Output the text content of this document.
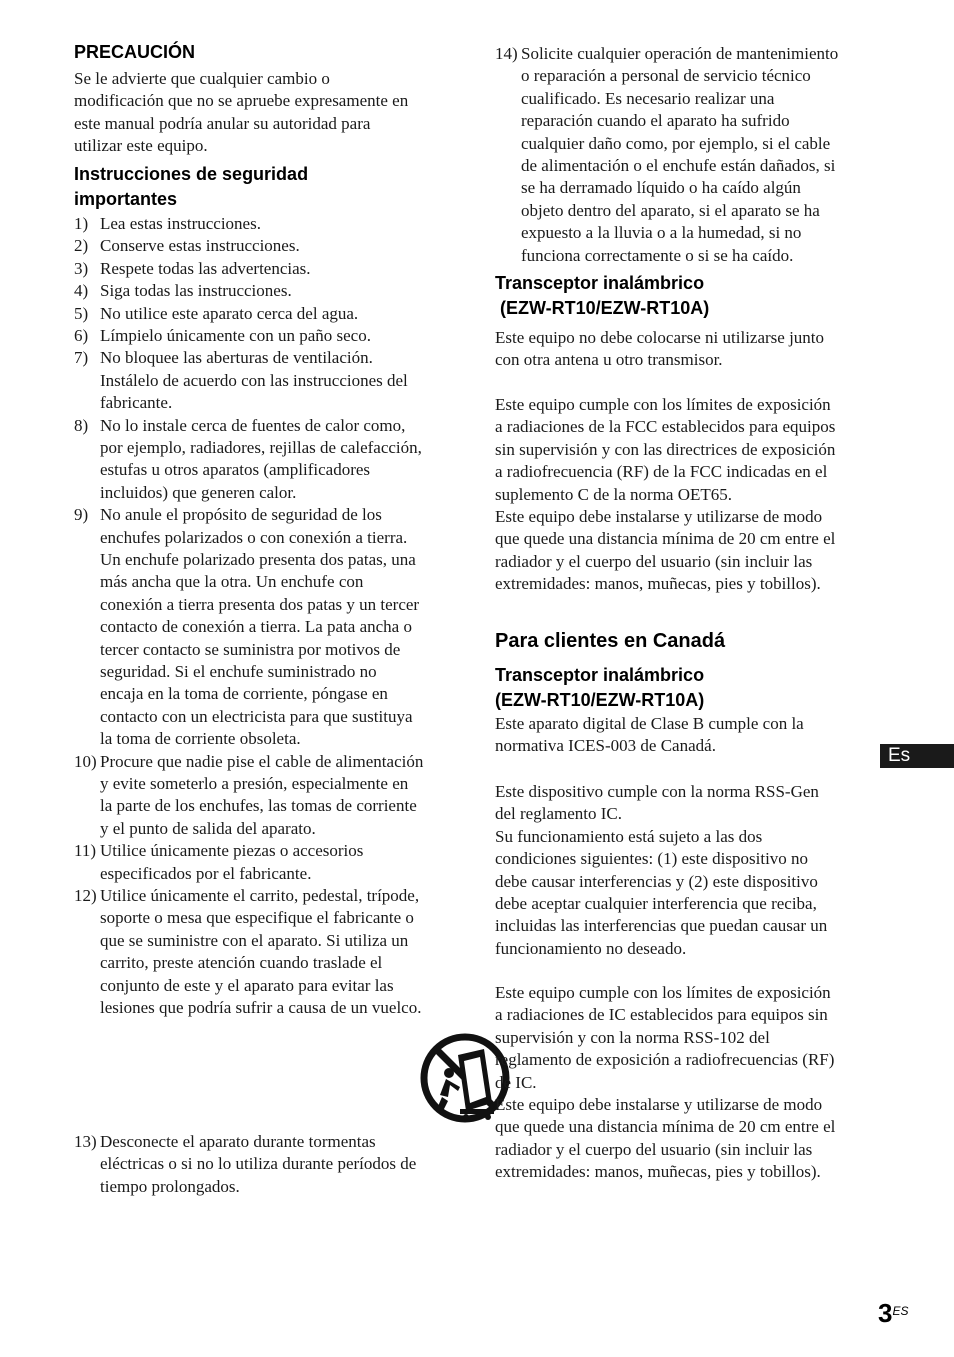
PRECAUCIÓN
Se le advierte que cualquier cambio o
modificación que no se apruebe expresamente en
este manual podría anular su autoridad para
utilizar este equipo.
Instrucciones de seguridad
importantes
1) Lea estas instrucciones.
2) Conserve estas instrucciones.
3) Respete todas las advertencias.
4) Siga todas las instrucciones.
5) No utilice este aparato cerca del agua.
6) Límpielo únicamente con un paño seco.
7) No bloquee las aberturas de ventilación.
Instálelo de acuerdo con las instrucciones del
fabricante.
8) No lo instale cerca de fuentes de calor como,
por ejemplo, radiadores, rejillas de calefacción,
estufas u otros aparatos (amplificadores
incluidos) que generen calor.
9) No anule el propósito de seguridad de los
enchufes polarizados o con conexión a tierra.
Un enchufe polarizado presenta dos patas, una
más ancha que la otra. Un enchufe con
conexión a tierra presenta dos patas y un tercer
contacto de conexión a tierra. La pata ancha o
tercer contacto se suministra por motivos de
seguridad. Si el enchufe suministrado no
encaja en la toma de corriente, póngase en
contacto con un electricista para que sustituya
la toma de corriente obsoleta.
10) Procure que nadie pise el cable de alimentación
y evite someterlo a presión, especialmente en
la parte de los enchufes, las tomas de corriente
y el punto de salida del aparato.
11) Utilice únicamente piezas o accesorios
especificados por el fabricante.
12) Utilice únicamente el carrito, pedestal, trípode,
soporte o mesa que especifique el fabricante o
que se suministre con el aparato. Si utiliza un
carrito, preste atención cuando traslade el
conjunto de este y el aparato para evitar las
lesiones que podría sufrir a causa de un vuelco.
13) Desconecte el aparato durante tormentas
eléctricas o si no lo utiliza durante períodos de
tiempo prolongados.
14) Solicite cualquier operación de mantenimiento
o reparación a personal de servicio técnico
cualificado. Es necesario realizar una
reparación cuando el aparato ha sufrido
cualquier daño como, por ejemplo, si el cable
de alimentación o el enchufe están dañados, si
se ha derramado líquido o ha caído algún
objeto dentro del aparato, si el aparato se ha
expuesto a la lluvia o a la humedad, si no
funciona correctamente o si se ha caído.
Transceptor inalámbrico
(EZW-RT10/EZW-RT10A)
Este equipo no debe colocarse ni utilizarse junto
con otra antena u otro transmisor.
Este equipo cumple con los límites de exposición
a radiaciones de la FCC establecidos para equipos
sin supervisión y con las directrices de exposición
a radiofrecuencia (RF) de la FCC indicadas en el
suplemento C de la norma OET65.
Este equipo debe instalarse y utilizarse de modo
que quede una distancia mínima de 20 cm entre el
radiador y el cuerpo del usuario (sin incluir las
extremidades: manos, muñecas, pies y tobillos).
Para clientes en Canadá
Transceptor inalámbrico
(EZW-RT10/EZW-RT10A)
Este aparato digital de Clase B cumple con la
normativa ICES-003 de Canadá.
Este dispositivo cumple con la norma RSS-Gen
del reglamento IC.
Su funcionamiento está sujeto a las dos
condiciones siguientes: (1) este dispositivo no
debe causar interferencias y (2) este dispositivo
debe aceptar cualquier interferencia que reciba,
incluidas las interferencias que puedan causar un
funcionamiento no deseado.
Este equipo cumple con los límites de exposición
a radiaciones de IC establecidos para equipos sin
supervisión y con la norma RSS-102 del
reglamento de exposición a radiofrecuencias (RF)
de IC.
Este equipo debe instalarse y utilizarse de modo
que quede una distancia mínima de 20 cm entre el
radiador y el cuerpo del usuario (sin incluir las
extremidades: manos, muñecas, pies y tobillos).
Es
$3^{ES}$
